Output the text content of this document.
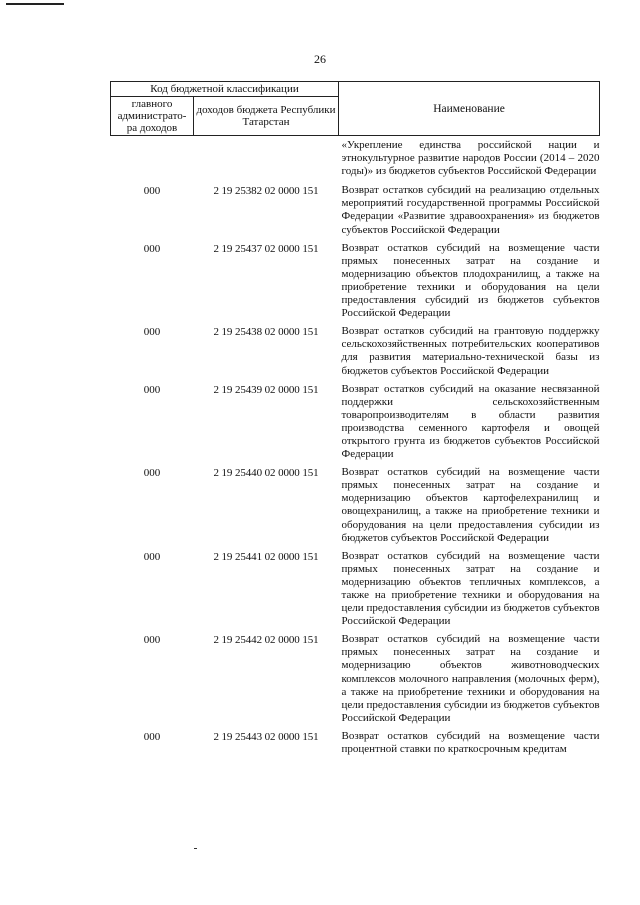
26
Код бюджетной классификации		Наименование
главного администрато-ра доходов	доходов бюджета Республики Татарстан	
		«Укрепление единства российской нации и этнокультурное развитие народов России (2014 – 2020 годы)» из бюджетов субъектов Российской Федерации
000	2 19 25382 02 0000 151	Возврат остатков субсидий на реализацию отдельных мероприятий государственной программы Российской Федерации «Развитие здравоохранения» из бюджетов субъектов Российской Федерации
000	2 19 25437 02 0000 151	Возврат остатков субсидий на возмещение части прямых понесенных затрат на создание и модернизацию объектов плодохранилищ, а также на приобретение техники и оборудования на цели предоставления субсидий из бюджетов субъектов Российской Федерации
000	2 19 25438 02 0000 151	Возврат остатков субсидий на грантовую поддержку сельскохозяйственных потребительских кооперативов для развития материально-технической базы из бюджетов субъектов Российской Федерации
000	2 19 25439 02 0000 151	Возврат остатков субсидий на оказание несвязанной поддержки сельскохозяйственным товаропроизводителям в области развития производства семенного картофеля и овощей открытого грунта из бюджетов субъектов Российской Федерации
000	2 19 25440 02 0000 151	Возврат остатков субсидий на возмещение части прямых понесенных затрат на создание и модернизацию объектов картофелехранилищ и овощехранилищ, а также на приобретение техники и оборудования на цели предоставления субсидии из бюджетов субъектов Российской Федерации
000	2 19 25441 02 0000 151	Возврат остатков субсидий на возмещение части прямых понесенных затрат на создание и модернизацию объектов тепличных комплексов, а также на приобретение техники и оборудования на цели предоставления субсидии из бюджетов субъектов Российской Федерации
000	2 19 25442 02 0000 151	Возврат остатков субсидий на возмещение части прямых понесенных затрат на создание и модернизацию объектов животноводческих комплексов молочного направления (молочных ферм), а также на приобретение техники и оборудования на цели предоставления субсидии из бюджетов субъектов Российской Федерации
000	2 19 25443 02 0000 151	Возврат остатков субсидий на возмещение части процентной ставки по краткосрочным кредитам
